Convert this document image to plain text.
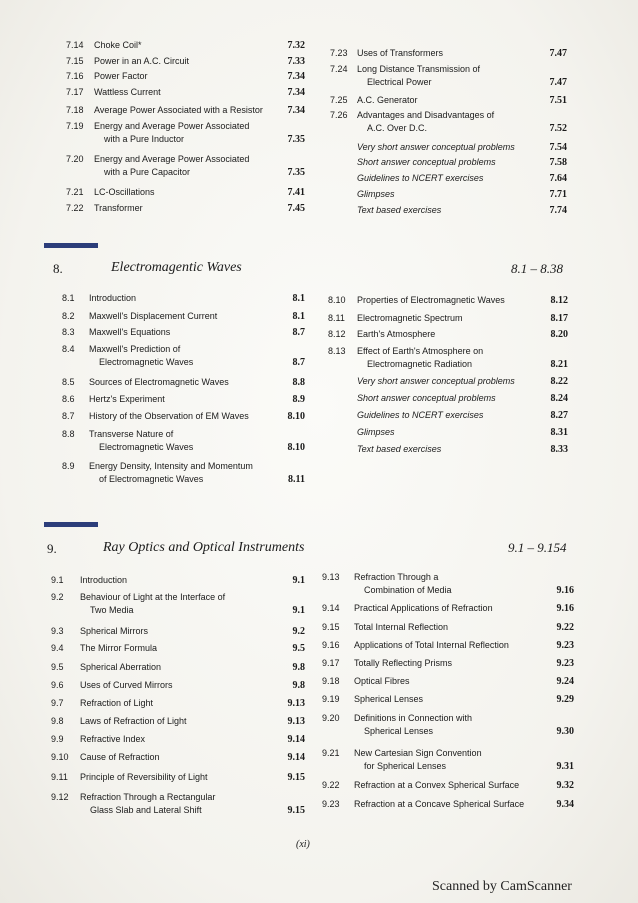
7.14 Choke Coil*	7.32
7.15 Power in an A.C. Circuit	7.33
7.16 Power Factor	7.34
7.17 Wattless Current	7.34
7.18 Average Power Associated with a Resistor	7.34
7.19 Energy and Average Power Associated
with a Pure Inductor	7.35
7.20 Energy and Average Power Associated
with a Pure Capacitor	7.35
7.21 LC-Oscillations	7.41
7.22 Transformer	7.45
7.23 Uses of Transformers	7.47
7.24 Long Distance Transmission of
Electrical Power	7.47
7.25 A.C. Generator	7.51
7.26 Advantages and Disadvantages of
A.C. Over D.C.	7.52
Very short answer conceptual problems	7.54
Short answer conceptual problems	7.58
Guidelines to NCERT exercises	7.64
Glimpses	7.71
Text based exercises	7.74
8.	Electromagentic Waves	8.1 – 8.38
8.1 Introduction	8.1
8.2 Maxwell's Displacement Current	8.1
8.3 Maxwell's Equations	8.7
8.4 Maxwell's Prediction of
Electromagnetic Waves	8.7
8.5 Sources of Electromagnetic Waves	8.8
8.6 Hertz's Experiment	8.9
8.7 History of the Observation of EM Waves	8.10
8.8 Transverse Nature of
Electromagnetic Waves	8.10
8.9 Energy Density, Intensity and Momentum
of Electromagnetic Waves	8.11
8.10 Properties of Electromagnetic Waves	8.12
8.11 Electromagnetic Spectrum	8.17
8.12 Earth's Atmosphere	8.20
8.13 Effect of Earth's Atmosphere on
Electromagnetic Radiation	8.21
Very short answer conceptual problems	8.22
Short answer conceptual problems	8.24
Guidelines to NCERT exercises	8.27
Glimpses	8.31
Text based exercises	8.33
9.	Ray Optics and Optical Instruments	9.1 – 9.154
9.1 Introduction	9.1
9.2 Behaviour of Light at the Interface of
Two Media	9.1
9.3 Spherical Mirrors	9.2
9.4 The Mirror Formula	9.5
9.5 Spherical Aberration	9.8
9.6 Uses of Curved Mirrors	9.8
9.7 Refraction of Light	9.13
9.8 Laws of Refraction of Light	9.13
9.9 Refractive Index	9.14
9.10 Cause of Refraction	9.14
9.11 Principle of Reversibility of Light	9.15
9.12 Refraction Through a Rectangular
Glass Slab and Lateral Shift	9.15
9.13 Refraction Through a
Combination of Media	9.16
9.14 Practical Applications of Refraction	9.16
9.15 Total Internal Reflection	9.22
9.16 Applications of Total Internal Reflection	9.23
9.17 Totally Reflecting Prisms	9.23
9.18 Optical Fibres	9.24
9.19 Spherical Lenses	9.29
9.20 Definitions in Connection with
Spherical Lenses	9.30
9.21 New Cartesian Sign Convention
for Spherical Lenses	9.31
9.22 Refraction at a Convex Spherical Surface	9.32
9.23 Refraction at a Concave Spherical Surface	9.34
(xi)
Scanned by CamScanner
